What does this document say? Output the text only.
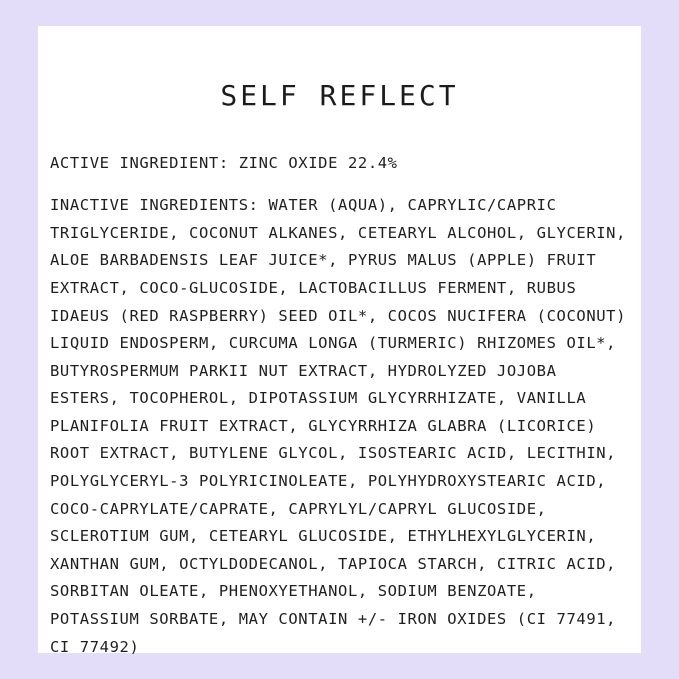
SELF REFLECT
ACTIVE INGREDIENT: ZINC OXIDE 22.4%
INACTIVE INGREDIENTS: WATER (AQUA), CAPRYLIC/CAPRIC TRIGLYCERIDE, COCONUT ALKANES, CETEARYL ALCOHOL, GLYCERIN, ALOE BARBADENSIS LEAF JUICE*, PYRUS MALUS (APPLE) FRUIT EXTRACT, COCO-GLUCOSIDE, LACTOBACILLUS FERMENT, RUBUS IDAEUS (RED RASPBERRY) SEED OIL*, COCOS NUCIFERA (COCONUT) LIQUID ENDOSPERM, CURCUMA LONGA (TURMERIC) RHIZOMES OIL*, BUTYROSPERMUM PARKII NUT EXTRACT, HYDROLYZED JOJOBA ESTERS, TOCOPHEROL, DIPOTASSIUM GLYCYRRHIZATE, VANILLA PLANIFOLIA FRUIT EXTRACT, GLYCYRRHIZA GLABRA (LICORICE) ROOT EXTRACT, BUTYLENE GLYCOL, ISOSTEARIC ACID, LECITHIN, POLYGLYCERYL-3 POLYRICINOLEATE, POLYHYDROXYSTEARIC ACID, COCO-CAPRYLATE/CAPRATE, CAPRYLYL/CAPRYL GLUCOSIDE, SCLEROTIUM GUM, CETEARYL GLUCOSIDE, ETHYLHEXYLGLYCERIN, XANTHAN GUM, OCTYLDODECANOL, TAPIOCA STARCH, CITRIC ACID, SORBITAN OLEATE, PHENOXYETHANOL, SODIUM BENZOATE, POTASSIUM SORBATE, MAY CONTAIN +/- IRON OXIDES (CI 77491, CI 77492)
